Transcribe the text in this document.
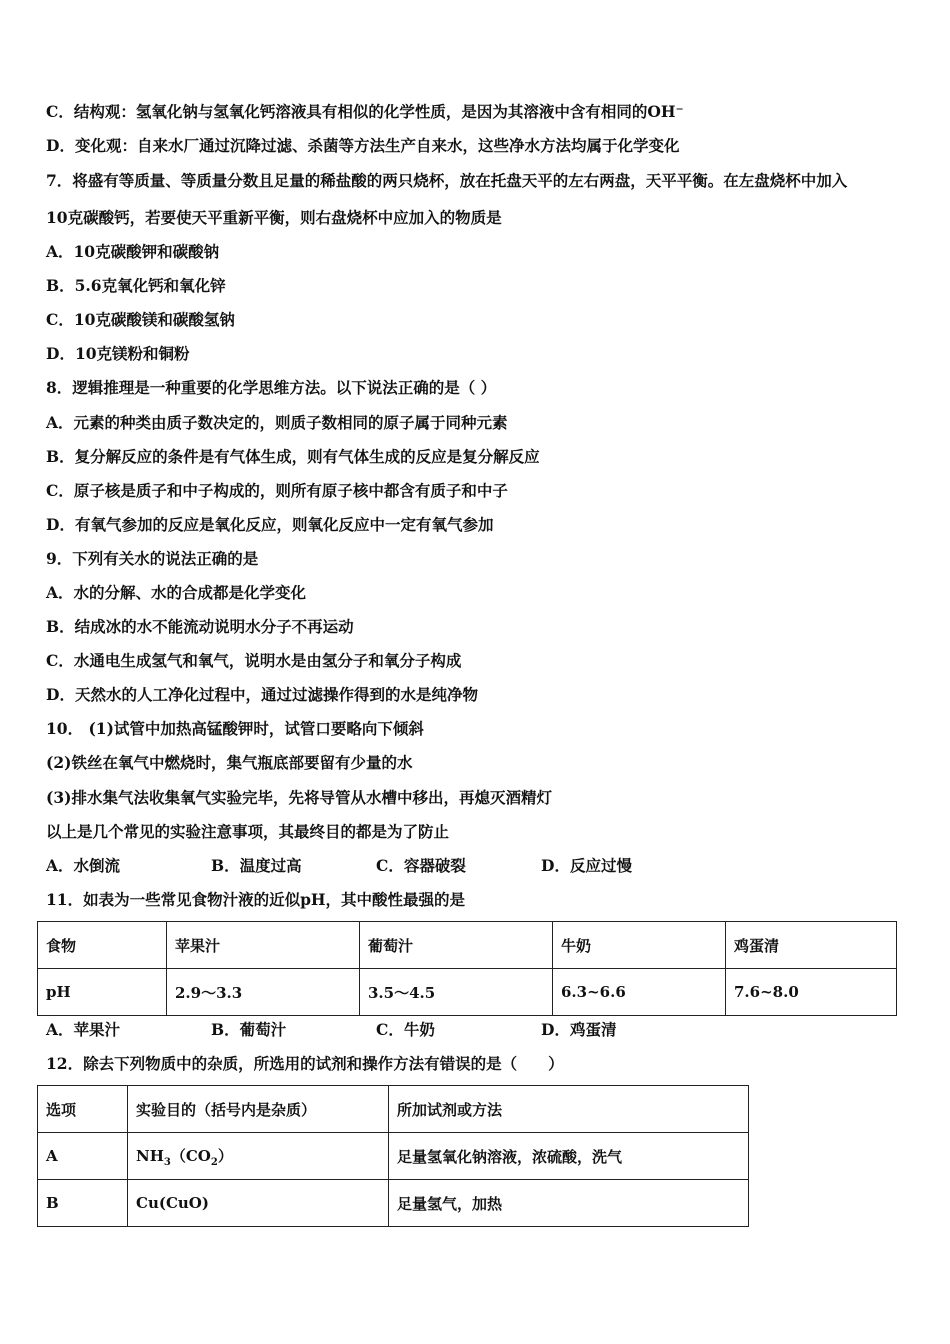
C．结构观：氢氧化钠与氢氧化钙溶液具有相似的化学性质，是因为其溶液中含有相同的OH⁻
D．变化观：自来水厂通过沉降过滤、杀菌等方法生产自来水，这些净水方法均属于化学变化
7．将盛有等质量、等质量分数且足量的稀盐酸的两只烧杯，放在托盘天平的左右两盘，天平平衡。在左盘烧杯中加入
10克碳酸钙，若要使天平重新平衡，则右盘烧杯中应加入的物质是
A．10克碳酸钾和碳酸钠
B．5.6克氧化钙和氧化锌
C．10克碳酸镁和碳酸氢钠
D．10克镁粉和铜粉
8．逻辑推理是一种重要的化学思维方法。以下说法正确的是（ ）
A．元素的种类由质子数决定的，则质子数相同的原子属于同种元素
B．复分解反应的条件是有气体生成，则有气体生成的反应是复分解反应
C．原子核是质子和中子构成的，则所有原子核中都含有质子和中子
D．有氧气参加的反应是氧化反应，则氧化反应中一定有氧气参加
9．下列有关水的说法正确的是
A．水的分解、水的合成都是化学变化
B．结成冰的水不能流动说明水分子不再运动
C．水通电生成氢气和氧气，说明水是由氢分子和氧分子构成
D．天然水的人工净化过程中，通过过滤操作得到的水是纯净物
10． (1)试管中加热高锰酸钾时，试管口要略向下倾斜
(2)铁丝在氧气中燃烧时，集气瓶底部要留有少量的水
(3)排水集气法收集氧气实验完毕，先将导管从水槽中移出，再熄灭酒精灯
以上是几个常见的实验注意事项，其最终目的都是为了防止
A．水倒流	B．温度过高	C．容器破裂	D．反应过慢
11．如表为一些常见食物汁液的近似pH，其中酸性最强的是
食物	苹果汁	葡萄汁	牛奶	鸡蛋清
pH	2.9～3.3	3.5～4.5	6.3~6.6	7.6~8.0
A．苹果汁	B．葡萄汁	C．牛奶	D．鸡蛋清
12．除去下列物质中的杂质，所选用的试剂和操作方法有错误的是（　　）
选项	实验目的（括号内是杂质）	所加试剂或方法
A	$NH_3(CO_2)$	足量氢氧化钠溶液，浓硫酸，洗气
B	Cu(CuO)	足量氢气，加热
